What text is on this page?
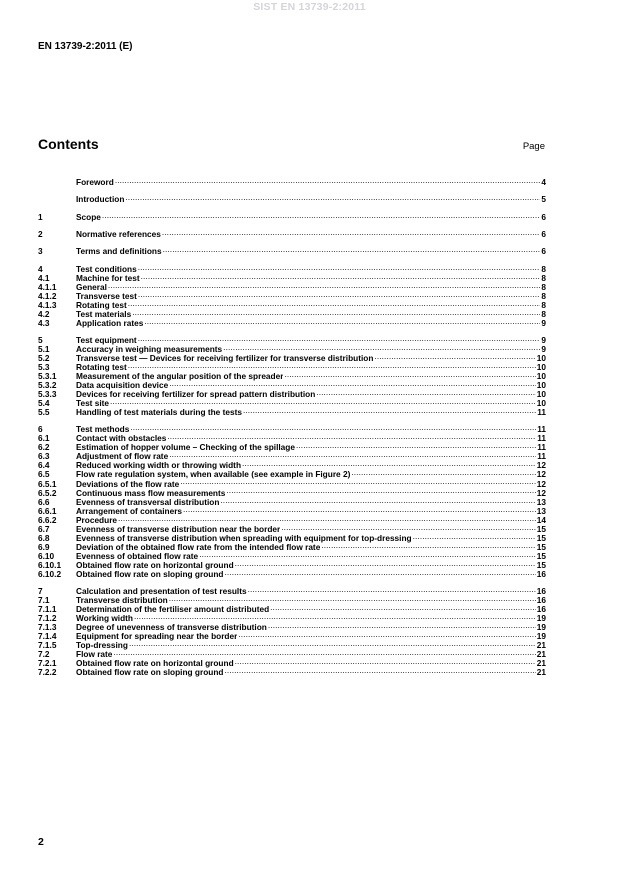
SIST EN 13739-2:2011
EN 13739-2:2011 (E)
Contents	Page
Foreword .....	4
Introduction .....	5
1	Scope .....	6
2	Normative references .....	6
3	Terms and definitions .....	6
4	Test conditions .....	8
4.1	Machine for test .....	8
4.1.1	General .....	8
4.1.2	Transverse test .....	8
4.1.3	Rotating test .....	8
4.2	Test materials .....	8
4.3	Application rates .....	9
5	Test equipment .....	9
5.1	Accuracy in weighing measurements .....	9
5.2	Transverse test — Devices for receiving fertilizer for transverse distribution .....	10
5.3	Rotating test .....	10
5.3.1	Measurement of the angular position of the spreader .....	10
5.3.2	Data acquisition device .....	10
5.3.3	Devices for receiving fertilizer for spread pattern distribution .....	10
5.4	Test site .....	10
5.5	Handling of test materials during the tests .....	11
6	Test methods .....	11
6.1	Contact with obstacles .....	11
6.2	Estimation of hopper volume – Checking of the spillage .....	11
6.3	Adjustment of flow rate .....	11
6.4	Reduced working width or throwing width .....	12
6.5	Flow rate regulation system, when available (see example in Figure 2) .....	12
6.5.1	Deviations of the flow rate .....	12
6.5.2	Continuous mass flow measurements .....	12
6.6	Evenness of transversal distribution .....	13
6.6.1	Arrangement of containers .....	13
6.6.2	Procedure .....	14
6.7	Evenness of transverse distribution near the border .....	15
6.8	Evenness of transverse distribution when spreading with equipment for top-dressing .....	15
6.9	Deviation of the obtained flow rate from the intended flow rate .....	15
6.10	Evenness of obtained flow rate .....	15
6.10.1	Obtained flow rate on horizontal ground .....	15
6.10.2	Obtained flow rate on sloping ground .....	16
7	Calculation and presentation of test results .....	16
7.1	Transverse distribution .....	16
7.1.1	Determination of the fertiliser amount distributed .....	16
7.1.2	Working width .....	19
7.1.3	Degree of unevenness of transverse distribution .....	19
7.1.4	Equipment for spreading near the border .....	19
7.1.5	Top-dressing .....	21
7.2	Flow rate .....	21
7.2.1	Obtained flow rate on horizontal ground .....	21
7.2.2	Obtained flow rate on sloping ground .....	21
2
